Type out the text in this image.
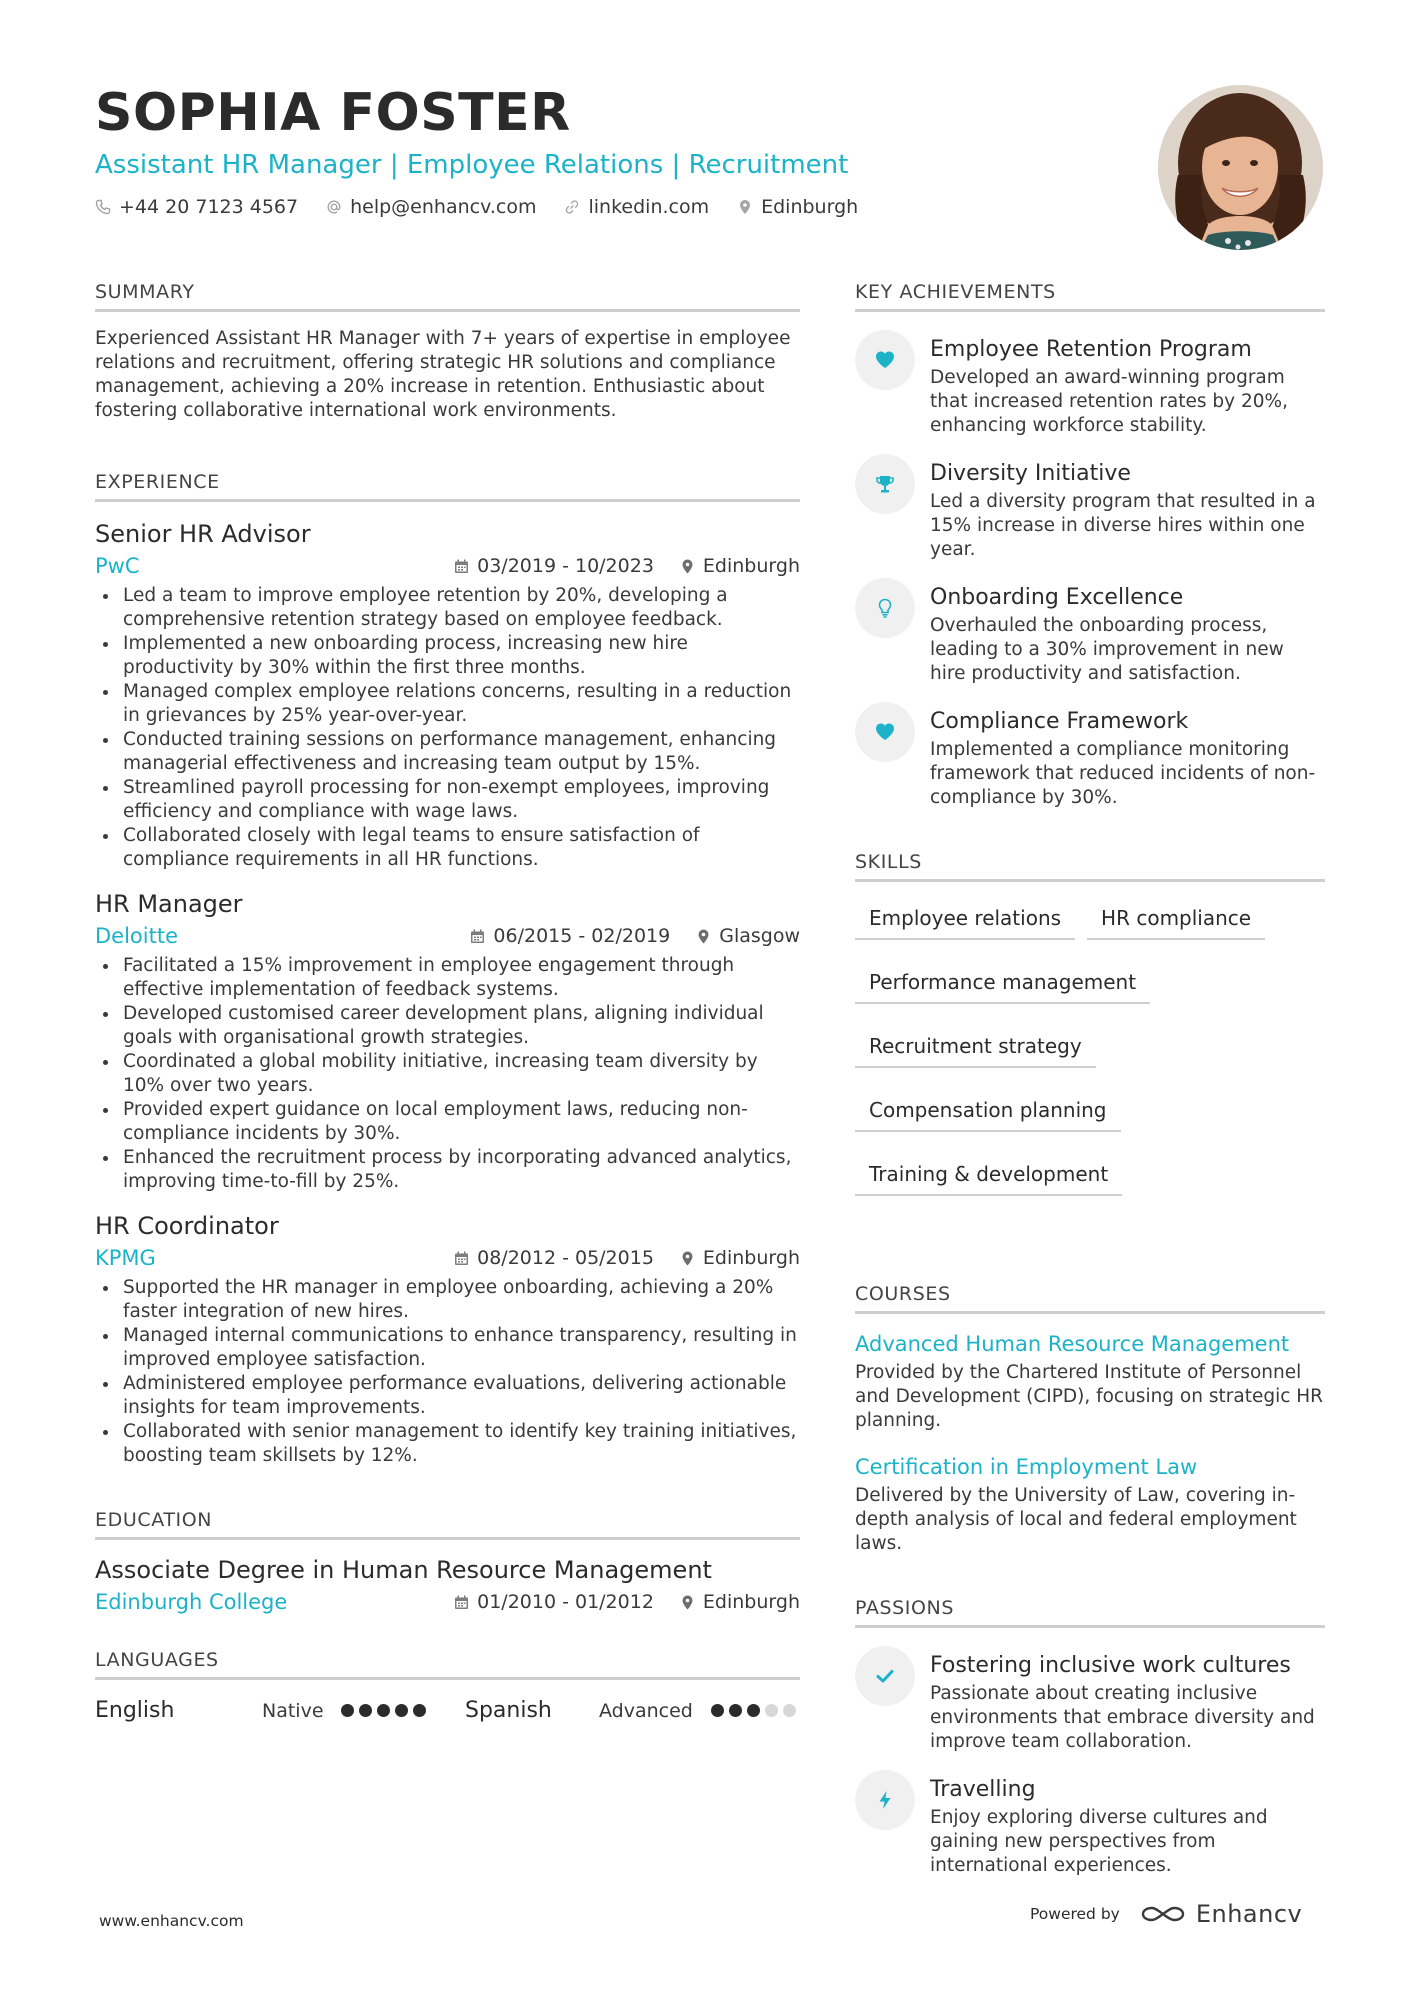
SOPHIA FOSTER
Assistant HR Manager | Employee Relations | Recruitment
+44 20 7123 4567	help@enhancv.com	linkedin.com	Edinburgh
SUMMARY
Experienced Assistant HR Manager with 7+ years of expertise in employee relations and recruitment, offering strategic HR solutions and compliance management, achieving a 20% increase in retention. Enthusiastic about fostering collaborative international work environments.
EXPERIENCE
Senior HR Advisor
PwC	03/2019 - 10/2023	Edinburgh
Led a team to improve employee retention by 20%, developing a comprehensive retention strategy based on employee feedback.
Implemented a new onboarding process, increasing new hire productivity by 30% within the first three months.
Managed complex employee relations concerns, resulting in a reduction in grievances by 25% year-over-year.
Conducted training sessions on performance management, enhancing managerial effectiveness and increasing team output by 15%.
Streamlined payroll processing for non-exempt employees, improving efficiency and compliance with wage laws.
Collaborated closely with legal teams to ensure satisfaction of compliance requirements in all HR functions.
HR Manager
Deloitte	06/2015 - 02/2019	Glasgow
Facilitated a 15% improvement in employee engagement through effective implementation of feedback systems.
Developed customised career development plans, aligning individual goals with organisational growth strategies.
Coordinated a global mobility initiative, increasing team diversity by 10% over two years.
Provided expert guidance on local employment laws, reducing non-compliance incidents by 30%.
Enhanced the recruitment process by incorporating advanced analytics, improving time-to-fill by 25%.
HR Coordinator
KPMG	08/2012 - 05/2015	Edinburgh
Supported the HR manager in employee onboarding, achieving a 20% faster integration of new hires.
Managed internal communications to enhance transparency, resulting in improved employee satisfaction.
Administered employee performance evaluations, delivering actionable insights for team improvements.
Collaborated with senior management to identify key training initiatives, boosting team skillsets by 12%.
EDUCATION
Associate Degree in Human Resource Management
Edinburgh College	01/2010 - 01/2012	Edinburgh
LANGUAGES
English	Native	Spanish	Advanced
KEY ACHIEVEMENTS
Employee Retention Program
Developed an award-winning program that increased retention rates by 20%, enhancing workforce stability.
Diversity Initiative
Led a diversity program that resulted in a 15% increase in diverse hires within one year.
Onboarding Excellence
Overhauled the onboarding process, leading to a 30% improvement in new hire productivity and satisfaction.
Compliance Framework
Implemented a compliance monitoring framework that reduced incidents of non-compliance by 30%.
SKILLS
Employee relations	HR compliance
Performance management
Recruitment strategy
Compensation planning
Training & development
COURSES
Advanced Human Resource Management
Provided by the Chartered Institute of Personnel and Development (CIPD), focusing on strategic HR planning.
Certification in Employment Law
Delivered by the University of Law, covering in-depth analysis of local and federal employment laws.
PASSIONS
Fostering inclusive work cultures
Passionate about creating inclusive environments that embrace diversity and improve team collaboration.
Travelling
Enjoy exploring diverse cultures and gaining new perspectives from international experiences.
www.enhancv.com	Powered by	Enhancv
